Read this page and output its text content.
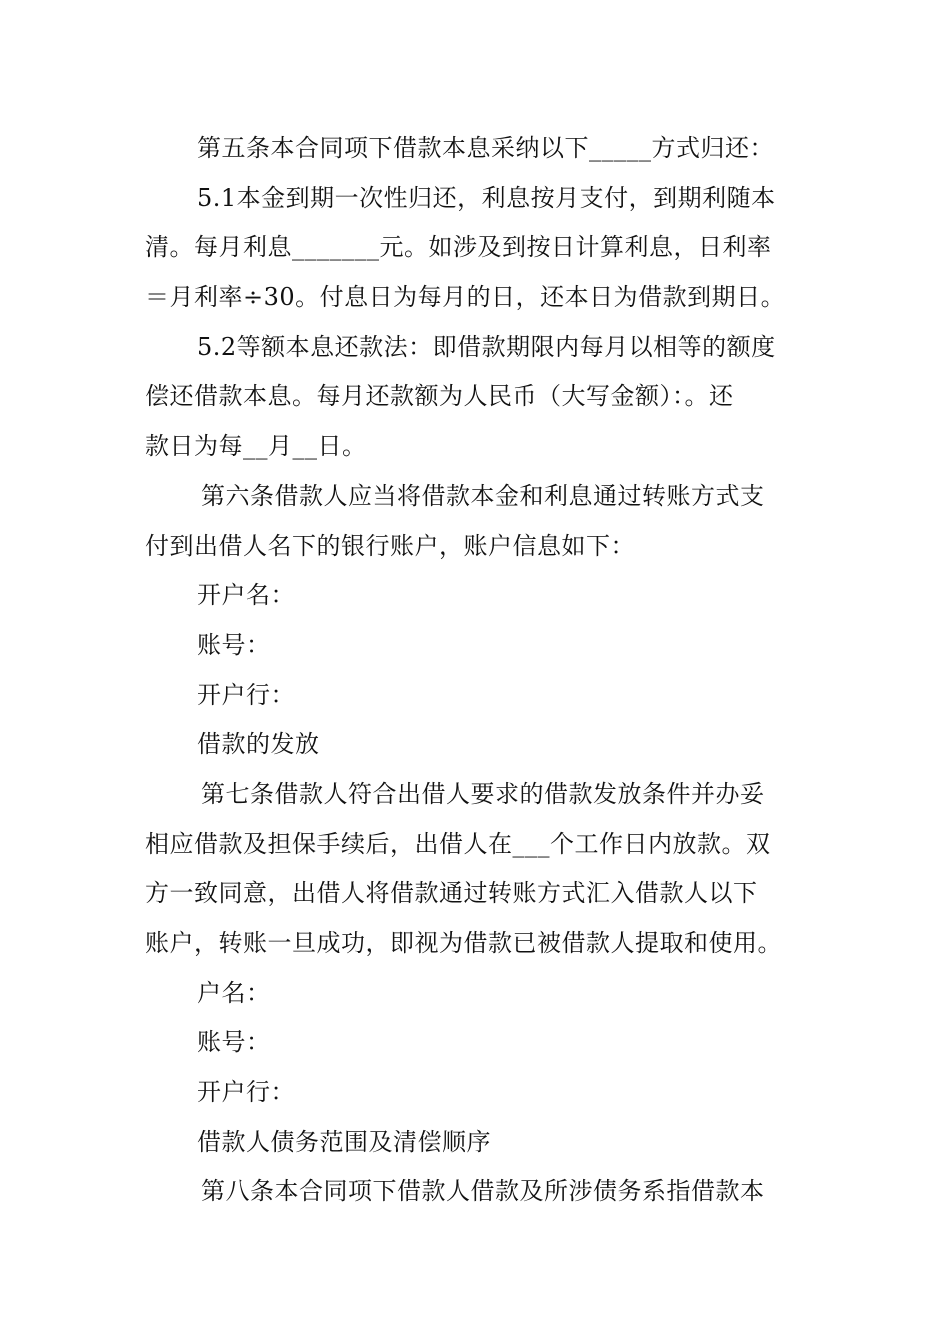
第五条本合同项下借款本息采纳以下_____方式归还：
5.1本金到期一次性归还，利息按月支付，到期利随本
清。每月利息_______元。如涉及到按日计算利息，日利率
＝月利率÷30。付息日为每月的日，还本日为借款到期日。
5.2等额本息还款法：即借款期限内每月以相等的额度
偿还借款本息。每月还款额为人民币（大写金额）：。还
款日为每__月__日。
第六条借款人应当将借款本金和利息通过转账方式支
付到出借人名下的银行账户，账户信息如下：
开户名：
账号：
开户行：
借款的发放
第七条借款人符合出借人要求的借款发放条件并办妥
相应借款及担保手续后，出借人在___个工作日内放款。双
方一致同意，出借人将借款通过转账方式汇入借款人以下
账户，转账一旦成功，即视为借款已被借款人提取和使用。
户名：
账号：
开户行：
借款人债务范围及清偿顺序
第八条本合同项下借款人借款及所涉债务系指借款本
